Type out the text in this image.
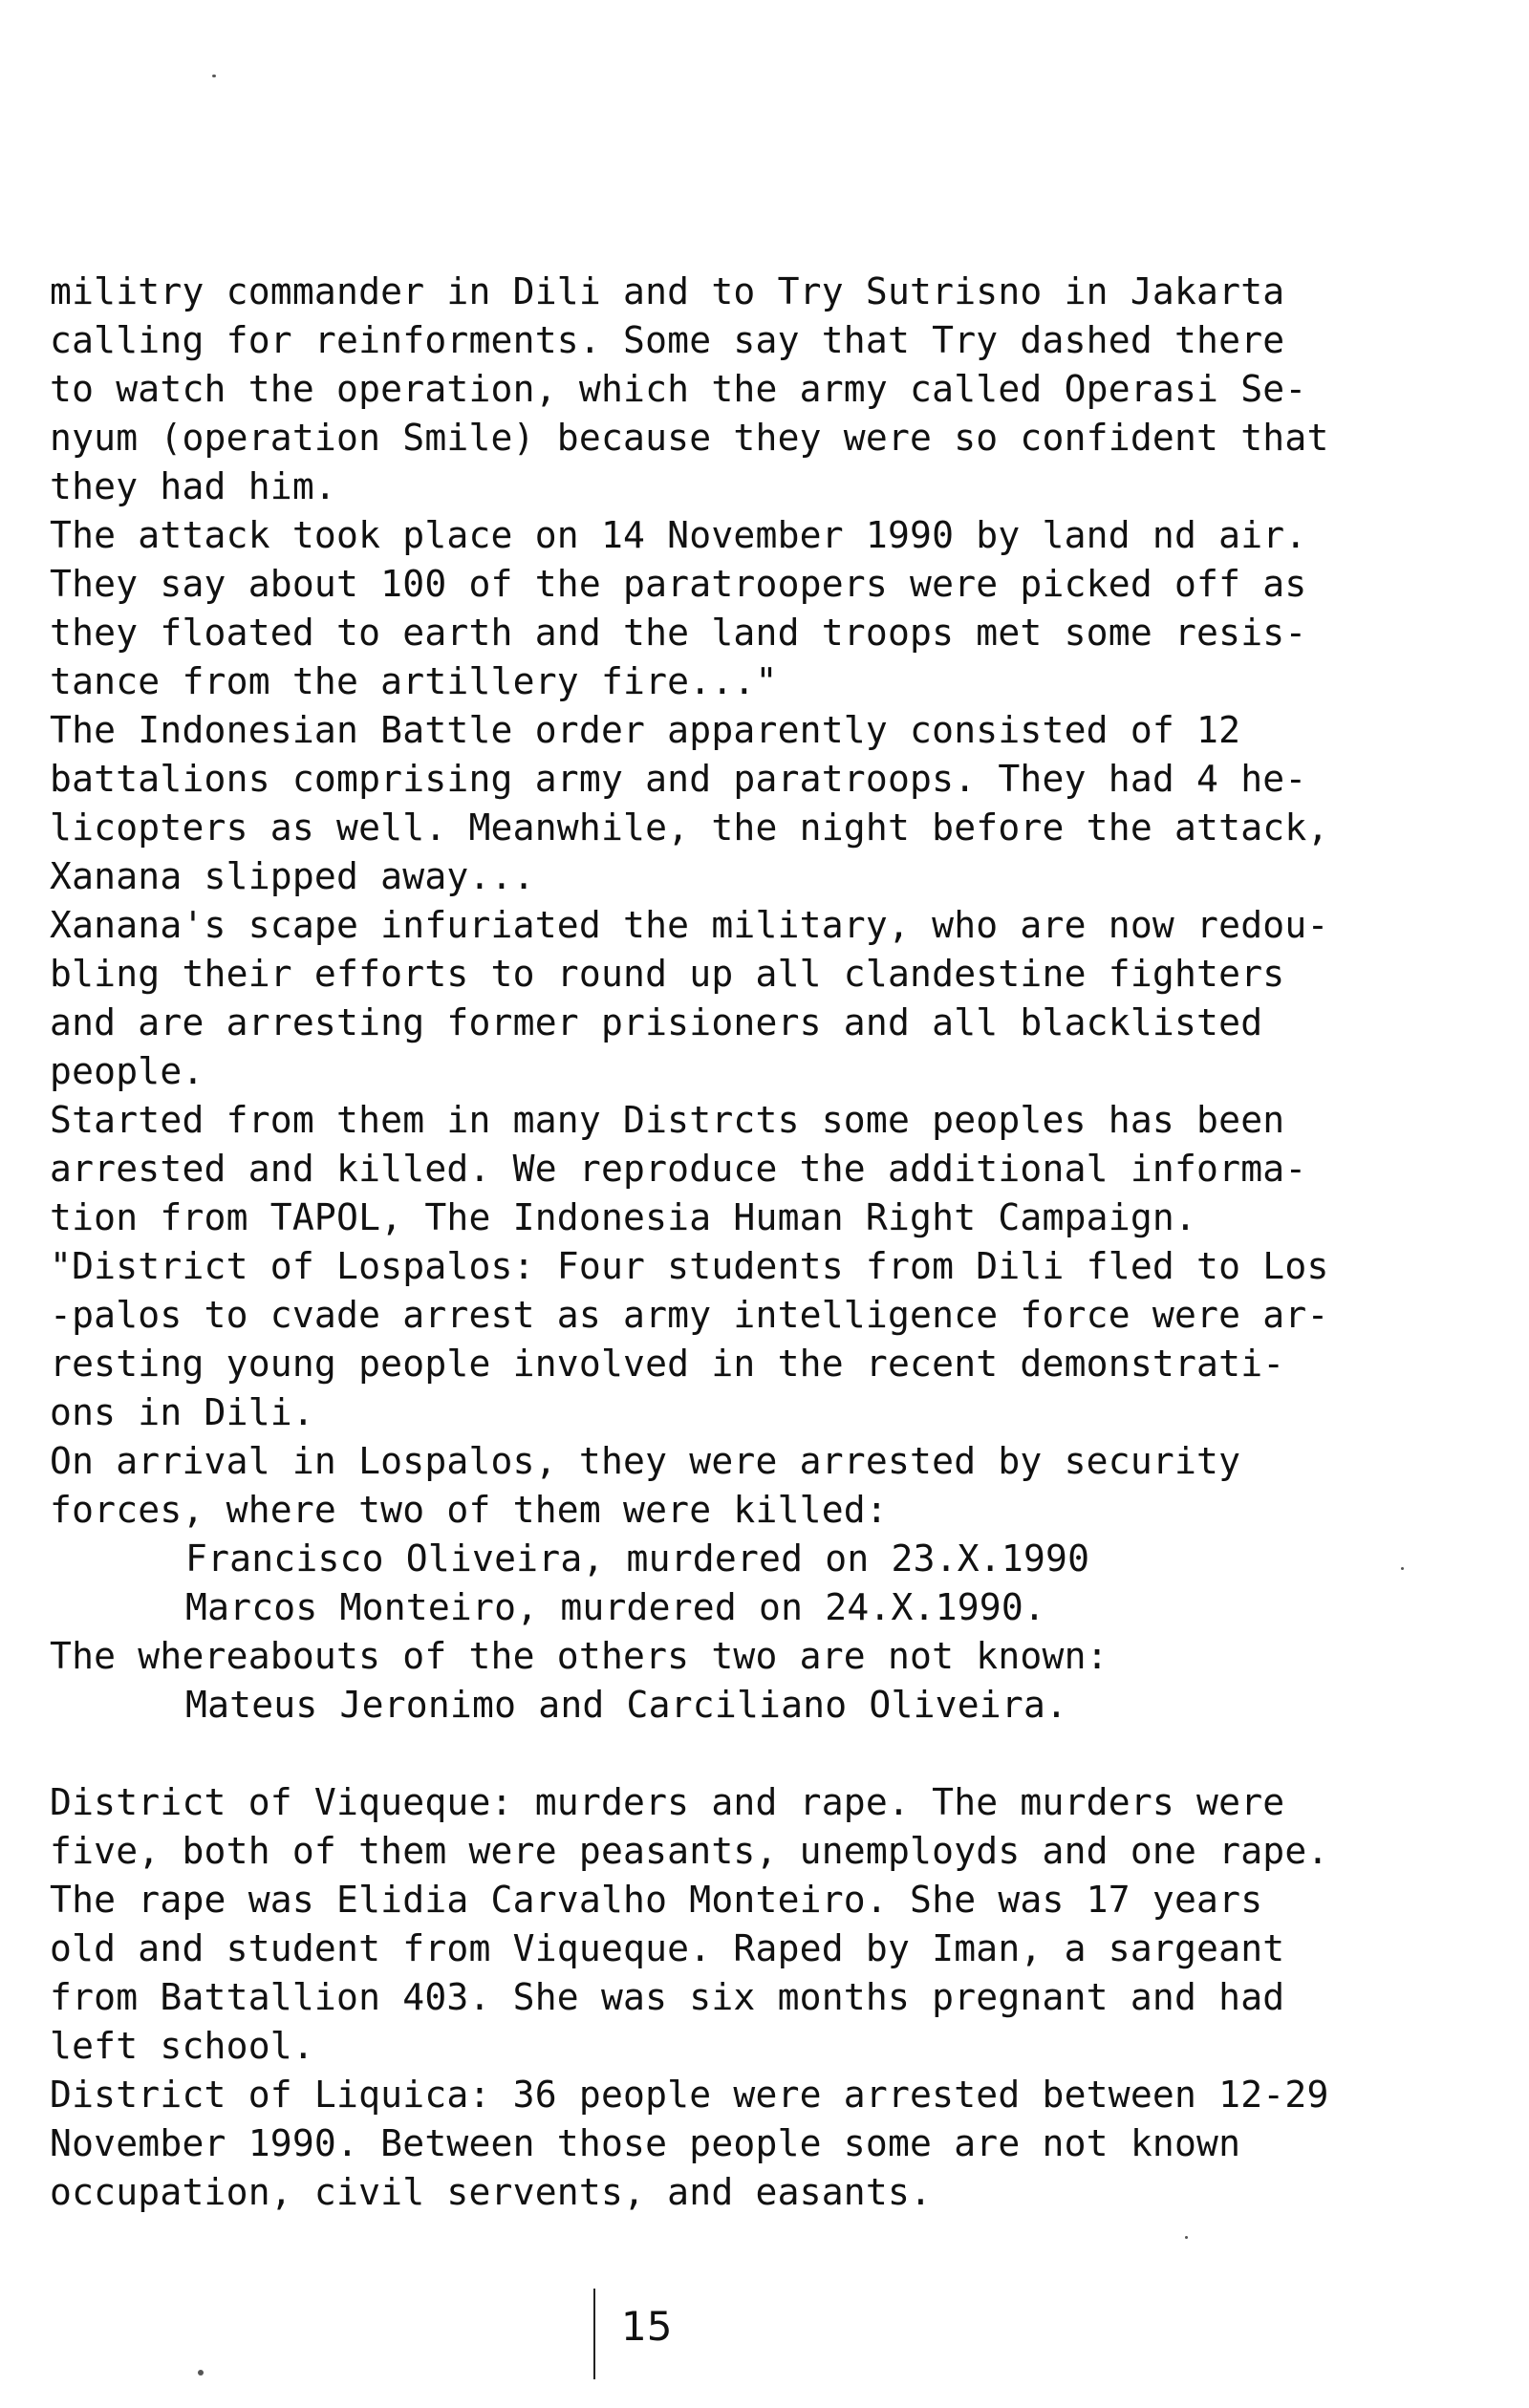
militry commander in Dili and to Try Sutrisno in Jakarta
calling for reinforments. Some say that Try dashed there
to watch the operation, which the army called Operasi Se-
nyum (operation Smile) because they were so confident that
they had him.
The attack took place on 14 November 1990 by land nd air.
They say about 100 of the paratroopers were picked off as
they floated to earth and the land troops met some resis-
tance from the artillery fire..."
The Indonesian Battle order apparently consisted of 12
battalions comprising army and paratroops. They had 4 he-
licopters as well. Meanwhile, the night before the attack,
Xanana slipped away...
Xanana's scape infuriated the military, who are now redou-
bling their efforts to round up all clandestine fighters
and are arresting former prisioners and all blacklisted
people.
Started from them in many Distrcts some peoples has been
arrested and killed. We reproduce the additional informa-
tion from TAPOL, The Indonesia Human Right Campaign.
"District of Lospalos: Four students from Dili fled to Los
-palos to cvade arrest as army intelligence force were ar-
resting young people involved in the recent demonstrati-
ons in Dili.
On arrival in Lospalos, they were arrested by security
forces, where two of them were killed:
Francisco Oliveira, murdered on 23.X.1990
Marcos Monteiro, murdered on 24.X.1990.
The whereabouts of the others two are not known:
Mateus Jeronimo and Carciliano Oliveira.
District of Viqueque: murders and rape. The murders were
five, both of them were peasants, unemployds and one rape.
The rape was Elidia Carvalho Monteiro. She was 17 years
old and student from Viqueque. Raped by Iman, a sargeant
from Battallion 403. She was six months pregnant and had
left school.
District of Liquica: 36 people were arrested between 12-29
November 1990. Between those people some are not known
occupation, civil servents, and easants.
15
